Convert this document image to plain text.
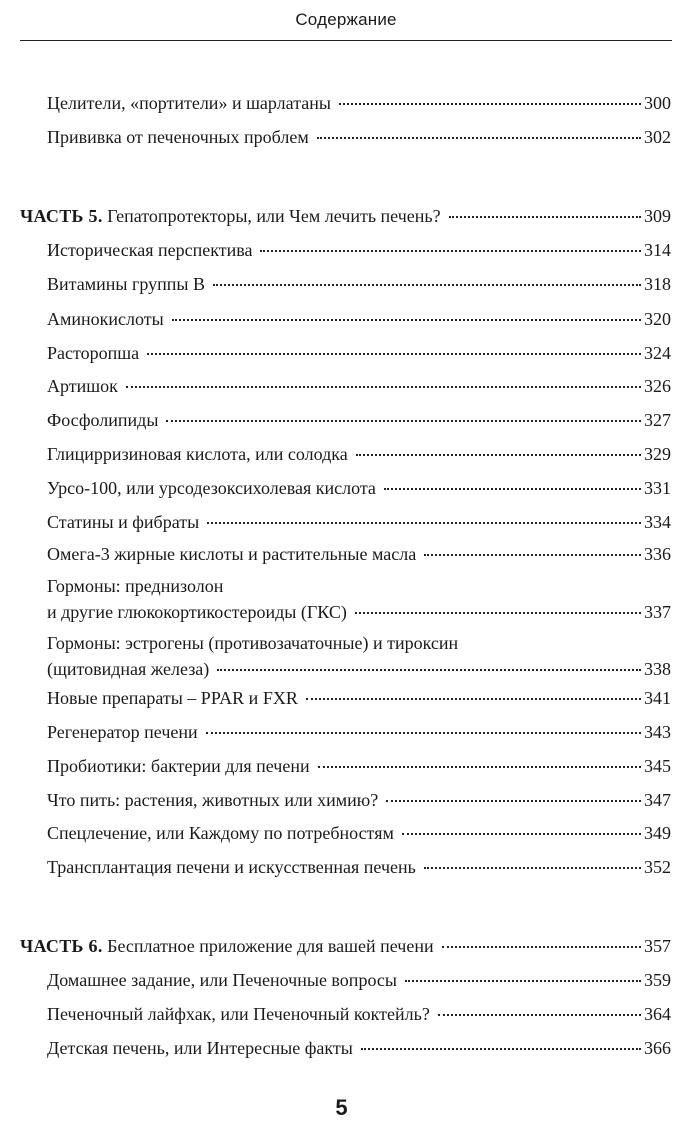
Содержание
Целители, «портители» и шарлатаны	300
Прививка от печеночных проблем	302
ЧАСТЬ 5. Гепатопротекторы, или Чем лечить печень?	309
Историческая перспектива	314
Витамины группы В	318
Аминокислоты	320
Расторопша	324
Артишок	326
Фосфолипиды	327
Глицирризиновая кислота, или солодка	329
Урсо-100, или урсодезоксихолевая кислота	331
Статины и фибраты	334
Омега-3 жирные кислоты и растительные масла	336
Гормоны: преднизолон
и другие глюкокортикостероиды (ГКС)	337
Гормоны: эстрогены (противозачаточные) и тироксин
(щитовидная железа)	338
Новые препараты – PPAR и FXR	341
Регенератор печени	343
Пробиотики: бактерии для печени	345
Что пить: растения, животных или химию?	347
Спецлечение, или Каждому по потребностям	349
Трансплантация печени и искусственная печень	352
ЧАСТЬ 6. Бесплатное приложение для вашей печени	357
Домашнее задание, или Печеночные вопросы	359
Печеночный лайфхак, или Печеночный коктейль?	364
Детская печень, или Интересные факты	366
5
